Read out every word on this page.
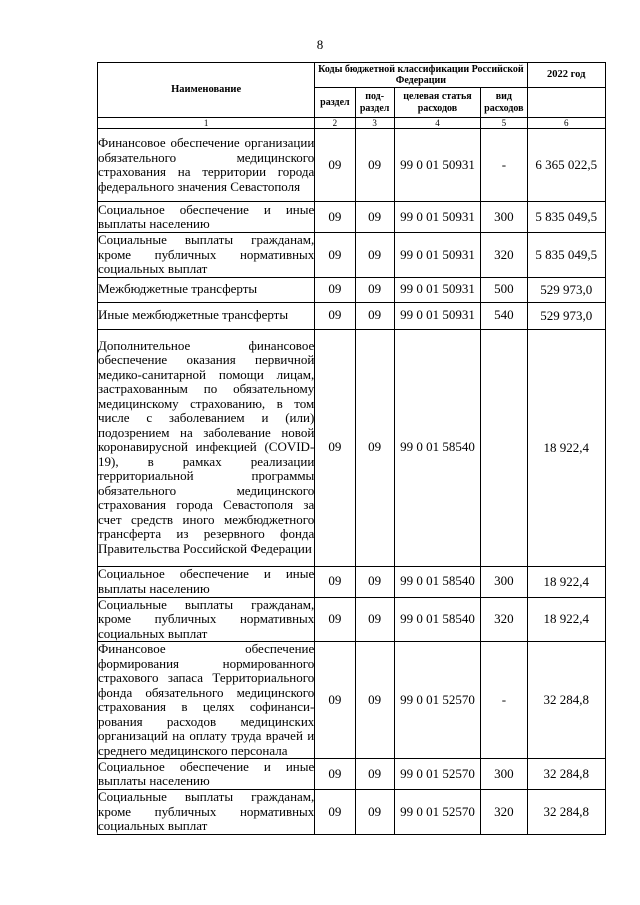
8
Наименование	Коды бюджетной классификации Российской Федерации				2022 год
	раздел	под-раздел	целевая статья расходов	вид расходов	
1	2	3	4	5	6
Финансовое обеспечение организации обязательного медицинского страхования на территории города федерального значения Севастополя	09	09	99 0 01 50931	-	6 365 022,5
Социальное обеспечение и иные выплаты населению	09	09	99 0 01 50931	300	5 835 049,5
Социальные выплаты гражданам, кроме публичных нормативных социальных выплат	09	09	99 0 01 50931	320	5 835 049,5
Межбюджетные трансферты	09	09	99 0 01 50931	500	529 973,0
Иные межбюджетные трансферты	09	09	99 0 01 50931	540	529 973,0
Дополнительное финансовое обеспечение оказания первичной медико-санитарной помощи лицам, застрахованным по обязательному медицинскому страхованию, в том числе с заболеванием и (или) подозрением на заболевание новой коронавирусной инфекцией (COVID-19), в рамках реализации территориальной программы обязательного медицинского страхования города Севастополя за счет средств иного межбюджетного трансферта из резервного фонда Правительства Российской Федерации	09	09	99 0 01 58540		18 922,4
Социальное обеспечение и иные выплаты населению	09	09	99 0 01 58540	300	18 922,4
Социальные выплаты гражданам, кроме публичных нормативных социальных выплат	09	09	99 0 01 58540	320	18 922,4
Финансовое обеспечение формирования нормированного страхового запаса Территориального фонда обязательного медицинского страхования в целях софинанси-рования расходов медицинских организаций на оплату труда врачей и среднего медицинского персонала	09	09	99 0 01 52570	-	32 284,8
Социальное обеспечение и иные выплаты населению	09	09	99 0 01 52570	300	32 284,8
Социальные выплаты гражданам, кроме публичных нормативных социальных выплат	09	09	99 0 01 52570	320	32 284,8
